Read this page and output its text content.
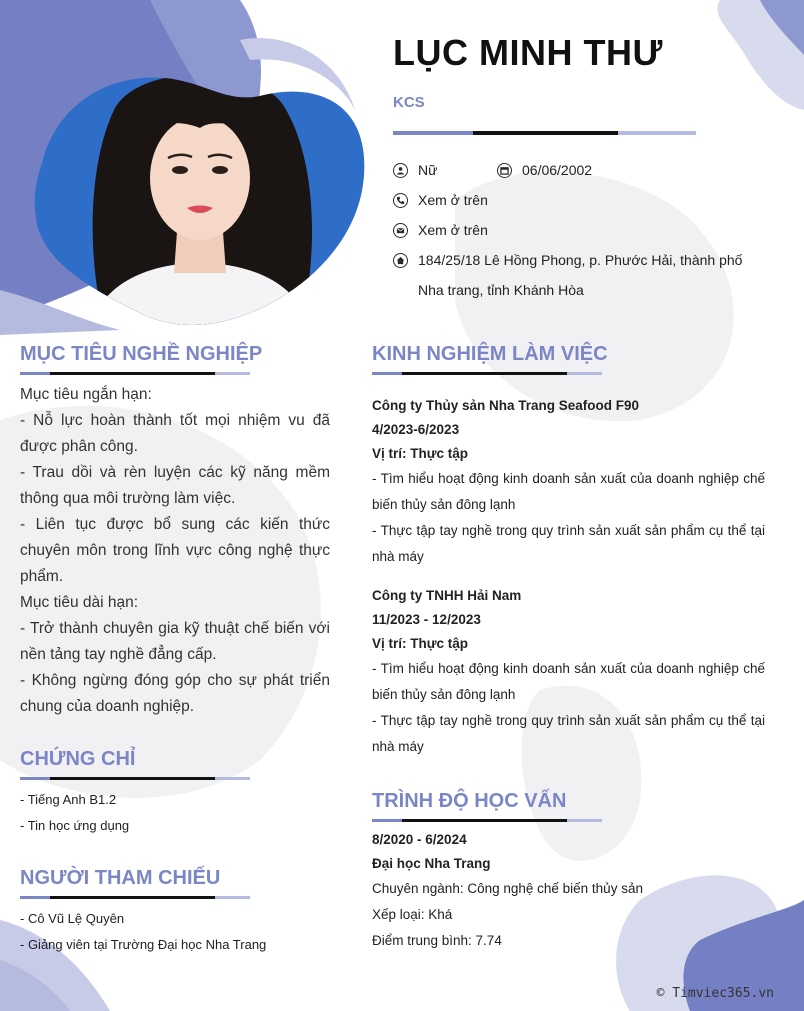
LỤC MINH THƯ
KCS
Nữ	06/06/2002
Xem ở trên
Xem ở trên
184/25/18 Lê Hồng Phong, p. Phước Hải, thành phố
Nha trang, tỉnh Khánh Hòa
MỤC TIÊU NGHỀ NGHIỆP

Mục tiêu ngắn hạn:

- Nỗ lực hoàn thành tốt mọi nhiệm vu đã được phân công.

- Trau dồi và rèn luyện các kỹ năng mềm thông qua môi trường làm việc.

- Liên tục được bổ sung các kiến thức chuyên môn trong lĩnh vực công nghệ thực phẩm.

Mục tiêu dài hạn:

- Trở thành chuyên gia kỹ thuật chế biến với nền tảng tay nghề đẳng cấp.

- Không ngừng đóng góp cho sự phát triển chung của doanh nghiệp.

CHỨNG CHỈ
- Tiếng Anh B1.2
- Tin học ứng dụng
NGƯỜI THAM CHIẾU
- Cô Vũ Lệ Quyên
- Giảng viên tại Trường Đại học Nha Trang
KINH NGHIỆM LÀM VIỆC

Công ty Thủy sản Nha Trang Seafood F90

4/2023-6/2023

Vị trí: Thực tập

- Tìm hiểu hoạt động kinh doanh sản xuất của doanh nghiệp chế biến thủy sản đông lạnh

- Thực tập tay nghề trong quy trình sản xuất sản phẩm cụ thể tại nhà máy

Công ty TNHH Hải Nam

11/2023 - 12/2023

Vị trí: Thực tập

- Tìm hiểu hoạt động kinh doanh sản xuất của doanh nghiệp chế biến thủy sản đông lạnh

- Thực tập tay nghề trong quy trình sản xuất sản phẩm cụ thể tại nhà máy

TRÌNH ĐỘ HỌC VẤN

8/2020 - 6/2024

Đại học Nha Trang

Chuyên ngành: Công nghệ chế biến thủy sản

Xếp loại: Khá

Điểm trung bình: 7.74

© Timviec365.vn
